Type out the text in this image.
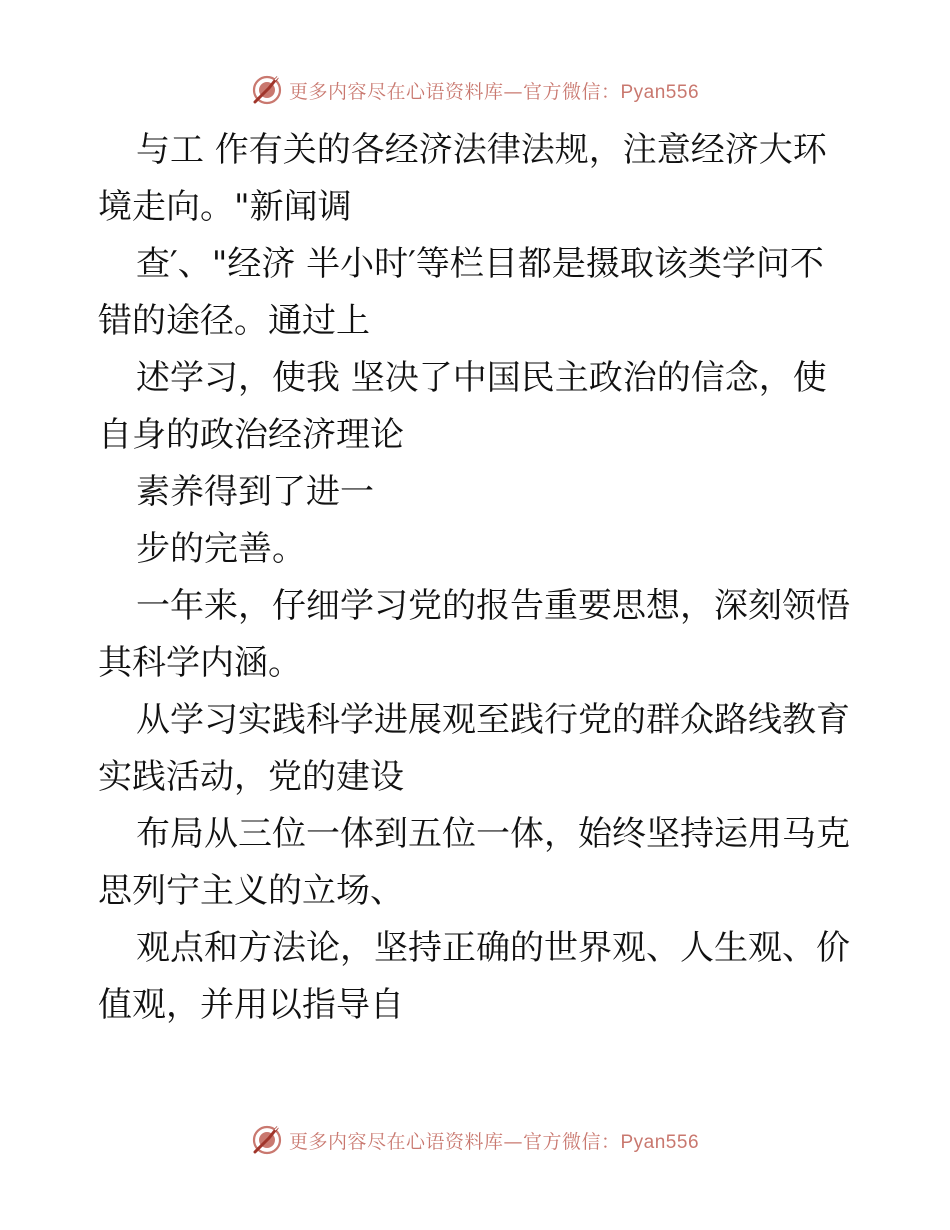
更多内容尽在心语资料库—官方微信：Pyan556
与工 作有关的各经济法律法规，注意经济大环
境走向。"新闻调
查′、"经济 半小时′等栏目都是摄取该类学问不
错的途径。通过上
述学习，使我 坚决了中国民主政治的信念，使
自身的政治经济理论
素养得到了进一
步的完善。
一年来，仔细学习党的报告重要思想，深刻领悟
其科学内涵。
从学习实践科学进展观至践行党的群众路线教育
实践活动，党的建设
布局从三位一体到五位一体，始终坚持运用马克
思列宁主义的立场、
观点和方法论，坚持正确的世界观、人生观、价
值观，并用以指导自
更多内容尽在心语资料库—官方微信：Pyan556
